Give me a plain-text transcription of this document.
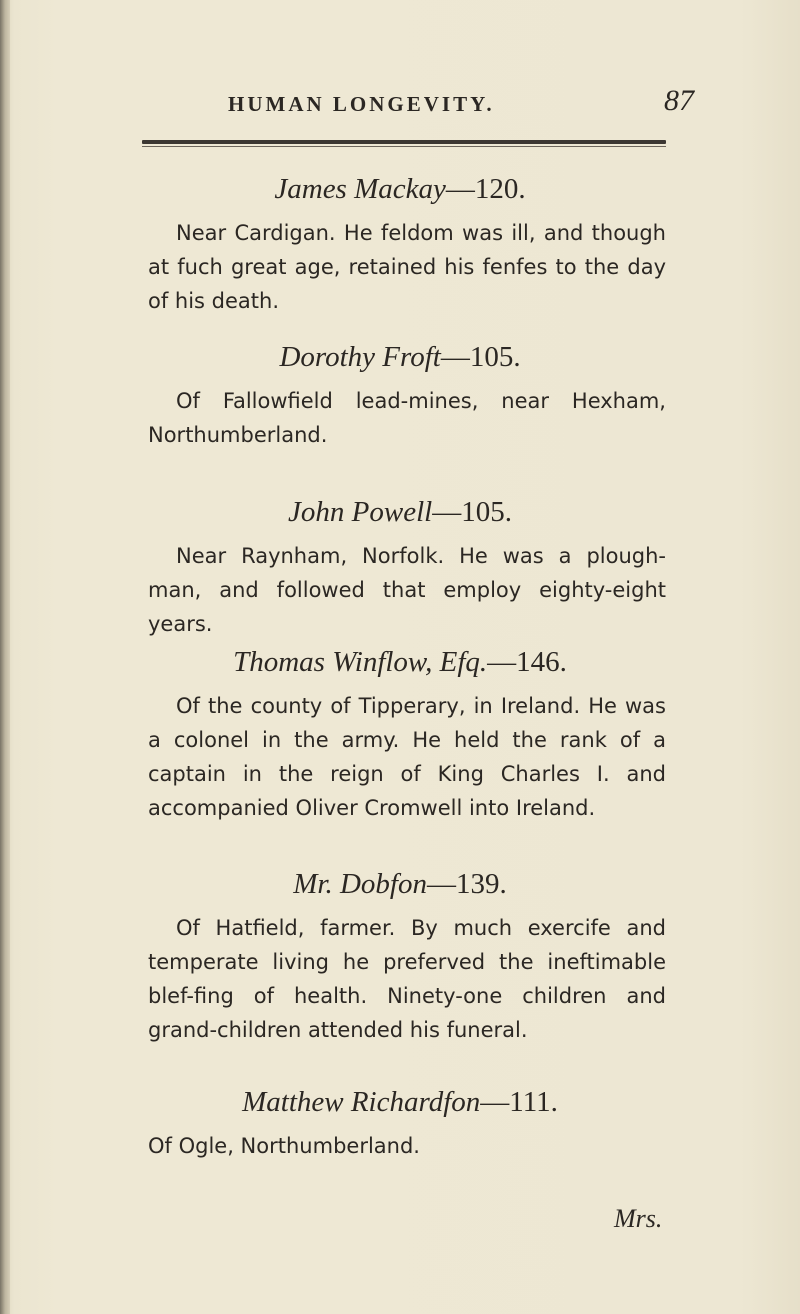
HUMAN LONGEVITY.	87

James Mackay—120.

Near Cardigan. He feldom was ill, and though at fuch great age, retained his fenfes to the day of his death.

Dorothy Froft—105.

Of Fallowfield lead-mines, near Hexham, Northumberland.

John Powell—105.

Near Raynham, Norfolk. He was a plough-man, and followed that employ eighty-eight years.

Thomas Winflow, Efq.—146.

Of the county of Tipperary, in Ireland. He was a colonel in the army. He held the rank of a captain in the reign of King Charles I. and accompanied Oliver Cromwell into Ireland.

Mr. Dobfon—139.

Of Hatfield, farmer. By much exercife and temperate living he preferved the ineftimable blef-fing of health. Ninety-one children and grand-children attended his funeral.

Matthew Richardfon—111.

Of Ogle, Northumberland.

Mrs.
